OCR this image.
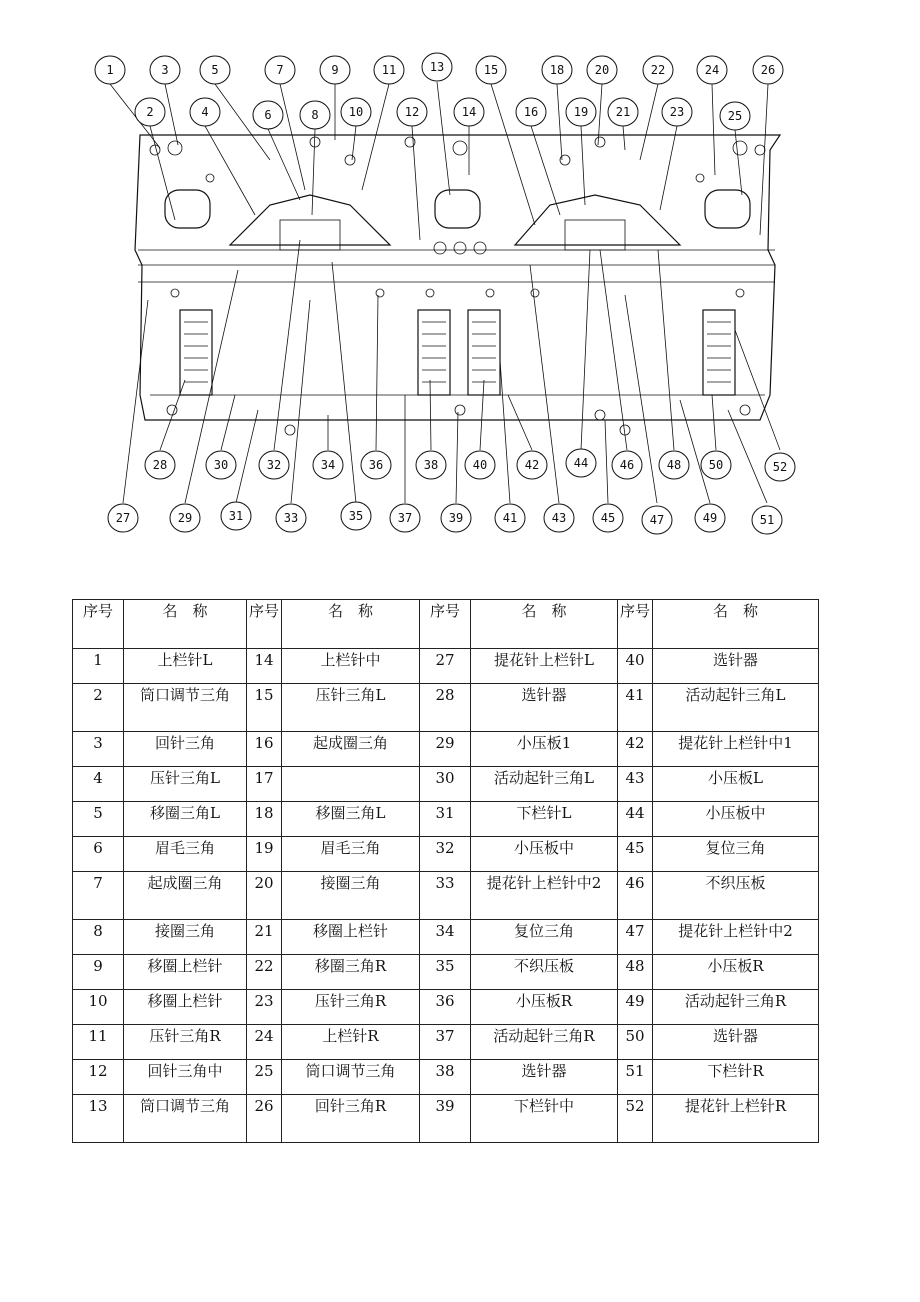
1	3	5	7	9	11	13	15	18	20	22	24	26
2	4	6	8	10	12	14	16	19 21	23	25
28	30	32	34	36	38	40	42	44	46	48 50	52
27	29	31	33	35	37	39	41	43	45	47	49	51
序号	名　称	序号	名　称	序号	名　称	序号	名　称
1	上栏针L	14	上栏针中	27	提花针上栏针L	40	选针器
2	筒口调节三角	15	压针三角L	28	选针器	41	活动起针三角L
3	回针三角	16	起成圈三角	29	小压板1	42	提花针上栏针中1
4	压针三角L	17		30	活动起针三角L	43	小压板L
5	移圈三角L	18	移圈三角L	31	下栏针L	44	小压板中
6	眉毛三角	19	眉毛三角	32	小压板中	45	复位三角
7	起成圈三角	20	接圈三角	33	提花针上栏针中2	46	不织压板
8	接圈三角	21	移圈上栏针	34	复位三角	47	提花针上栏针中2
9	移圈上栏针	22	移圈三角R	35	不织压板	48	小压板R
10	移圈上栏针	23	压针三角R	36	小压板R	49	活动起针三角R
11	压针三角R	24	上栏针R	37	活动起针三角R	50	选针器
12	回针三角中	25	筒口调节三角	38	选针器	51	下栏针R
13	筒口调节三角	26	回针三角R	39	下栏针中	52	提花针上栏针R
